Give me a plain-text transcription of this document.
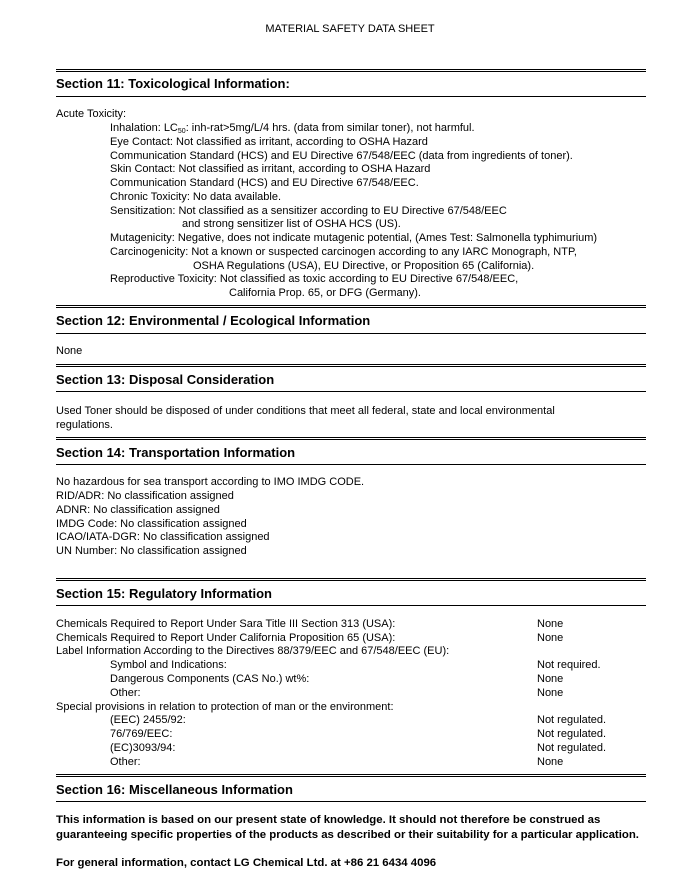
MATERIAL SAFETY DATA SHEET
Section 11: Toxicological Information:
Acute Toxicity:
Inhalation: $LC_{50}$: inh-rat>5mg/L/4 hrs. (data from similar toner), not harmful.
Eye Contact: Not classified as irritant, according to OSHA Hazard
Communication Standard (HCS) and EU Directive 67/548/EEC (data from ingredients of toner).
Skin Contact: Not classified as irritant, according to OSHA Hazard
Communication Standard (HCS) and EU Directive 67/548/EEC.
Chronic Toxicity: No data available.
Sensitization: Not classified as a sensitizer according to EU Directive 67/548/EEC
and strong sensitizer list of OSHA HCS (US).
Mutagenicity: Negative, does not indicate mutagenic potential, (Ames Test: Salmonella typhimurium)
Carcinogenicity: Not a known or suspected carcinogen according to any IARC Monograph, NTP,
OSHA Regulations (USA), EU Directive, or Proposition 65 (California).
Reproductive Toxicity: Not classified as toxic according to EU Directive 67/548/EEC,
California Prop. 65, or DFG (Germany).
Section 12: Environmental / Ecological Information
None
Section 13: Disposal Consideration
Used Toner should be disposed of under conditions that meet all federal, state and local environmental
regulations.
Section 14: Transportation Information
No hazardous for sea transport according to IMO IMDG CODE.
RID/ADR: No classification assigned
ADNR: No classification assigned
IMDG Code: No classification assigned
ICAO/IATA-DGR: No classification assigned
UN Number: No classification assigned
Section 15: Regulatory Information
Chemicals Required to Report Under Sara Title III Section 313 (USA):	None
Chemicals Required to Report Under California Proposition 65 (USA):	None
Label Information According to the Directives 88/379/EEC and 67/548/EEC (EU):
Symbol and Indications:	Not required.
Dangerous Components (CAS No.) wt%:	None
Other:	None
Special provisions in relation to protection of man or the environment:
(EEC) 2455/92:	Not regulated.
76/769/EEC:	Not regulated.
(EC)3093/94:	Not regulated.
Other:	None
Section 16: Miscellaneous Information
This information is based on our present state of knowledge. It should not therefore be construed as guaranteeing specific properties of the products as described or their suitability for a particular application.
For general information, contact LG Chemical Ltd. at +86 21 6434 4096
